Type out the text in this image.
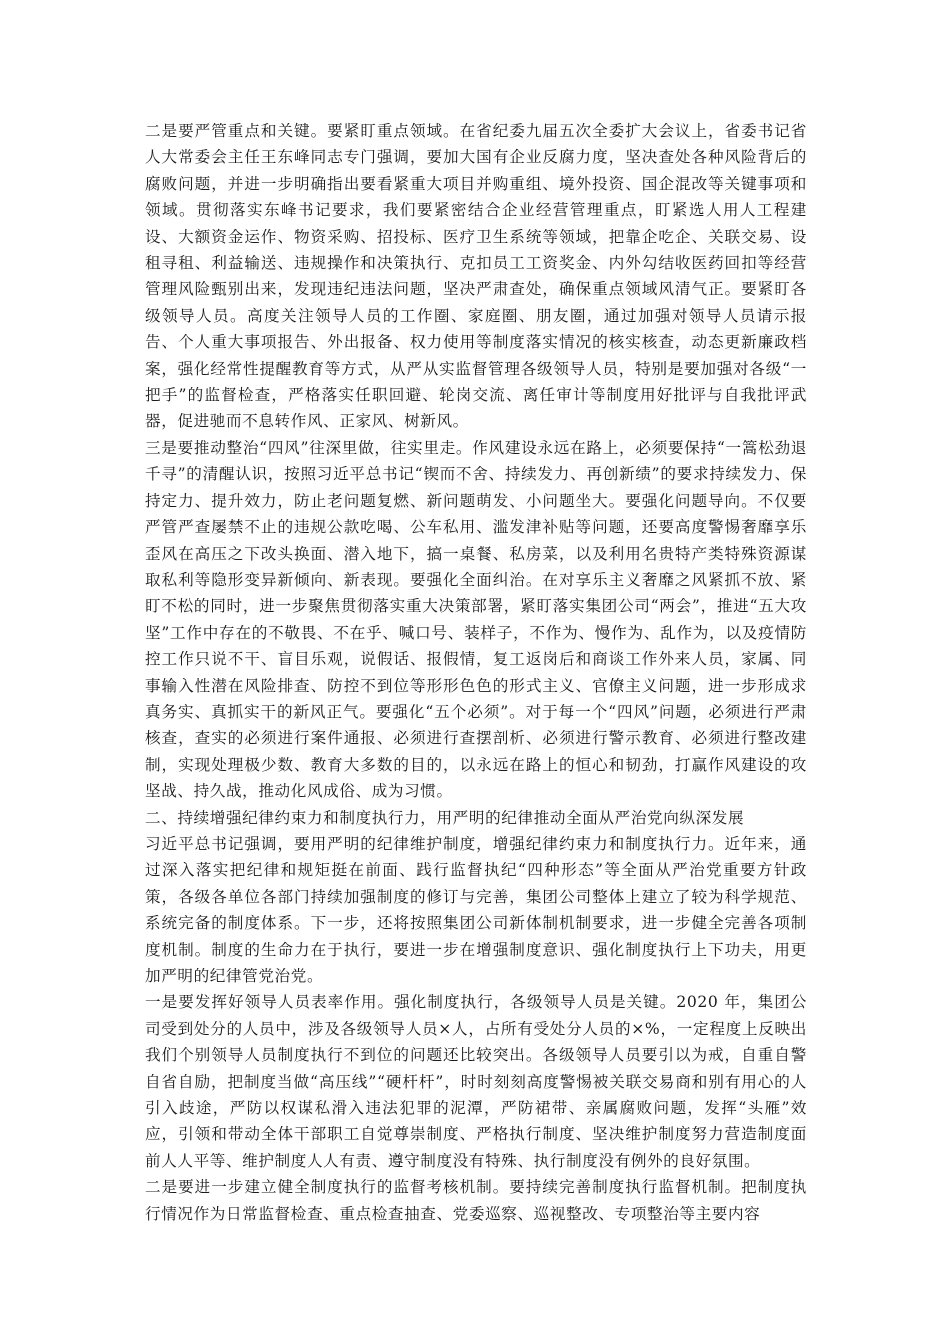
二是要严管重点和关键。要紧盯重点领域。在省纪委九届五次全委扩大会议上，省委书记省人大常委会主任王东峰同志专门强调，要加大国有企业反腐力度，坚决查处各种风险背后的腐败问题，并进一步明确指出要看紧重大项目并购重组、境外投资、国企混改等关键事项和领域。贯彻落实东峰书记要求，我们要紧密结合企业经营管理重点，盯紧选人用人工程建设、大额资金运作、物资采购、招投标、医疗卫生系统等领域，把靠企吃企、关联交易、设租寻租、利益输送、违规操作和决策执行、克扣员工工资奖金、内外勾结收医药回扣等经营管理风险甄别出来，发现违纪违法问题，坚决严肃查处，确保重点领域风清气正。要紧盯各级领导人员。高度关注领导人员的工作圈、家庭圈、朋友圈，通过加强对领导人员请示报告、个人重大事项报告、外出报备、权力使用等制度落实情况的核实核查，动态更新廉政档案，强化经常性提醒教育等方式，从严从实监督管理各级领导人员，特别是要加强对各级“一把手”的监督检查，严格落实任职回避、轮岗交流、离任审计等制度用好批评与自我批评武器，促进驰而不息转作风、正家风、树新风。

三是要推动整治“四风”往深里做，往实里走。作风建设永远在路上，必须要保持“一篙松劲退千寻”的清醒认识，按照习近平总书记“锲而不舍、持续发力、再创新绩”的要求持续发力、保持定力、提升效力，防止老问题复燃、新问题萌发、小问题坐大。要强化问题导向。不仅要严管严查屡禁不止的违规公款吃喝、公车私用、滥发津补贴等问题，还要高度警惕奢靡享乐歪风在高压之下改头换面、潜入地下，搞一桌餐、私房菜，以及利用名贵特产类特殊资源谋取私利等隐形变异新倾向、新表现。要强化全面纠治。在对享乐主义奢靡之风紧抓不放、紧盯不松的同时，进一步聚焦贯彻落实重大决策部署，紧盯落实集团公司“两会”，推进“五大攻坚”工作中存在的不敬畏、不在乎、喊口号、装样子，不作为、慢作为、乱作为，以及疫情防控工作只说不干、盲目乐观，说假话、报假情，复工返岗后和商谈工作外来人员，家属、同事输入性潜在风险排查、防控不到位等形形色色的形式主义、官僚主义问题，进一步形成求真务实、真抓实干的新风正气。要强化“五个必须”。对于每一个“四风”问题，必须进行严肃核查，查实的必须进行案件通报、必须进行查摆剖析、必须进行警示教育、必须进行整改建制，实现处理极少数、教育大多数的目的，以永远在路上的恒心和韧劲，打赢作风建设的攻坚战、持久战，推动化风成俗、成为习惯。

二、持续增强纪律约束力和制度执行力，用严明的纪律推动全面从严治党向纵深发展

习近平总书记强调，要用严明的纪律维护制度，增强纪律约束力和制度执行力。近年来，通过深入落实把纪律和规矩挺在前面、践行监督执纪“四种形态”等全面从严治党重要方针政策，各级各单位各部门持续加强制度的修订与完善，集团公司整体上建立了较为科学规范、系统完备的制度体系。下一步，还将按照集团公司新体制机制要求，进一步健全完善各项制度机制。制度的生命力在于执行，要进一步在增强制度意识、强化制度执行上下功夫，用更加严明的纪律管党治党。

一是要发挥好领导人员表率作用。强化制度执行，各级领导人员是关键。2020 年，集团公司受到处分的人员中，涉及各级领导人员×人，占所有受处分人员的×%，一定程度上反映出我们个别领导人员制度执行不到位的问题还比较突出。各级领导人员要引以为戒，自重自警自省自励，把制度当做“高压线”“硬杆杆”，时时刻刻高度警惕被关联交易商和别有用心的人引入歧途，严防以权谋私滑入违法犯罪的泥潭，严防裙带、亲属腐败问题，发挥“头雁”效应，引领和带动全体干部职工自觉尊崇制度、严格执行制度、坚决维护制度努力营造制度面前人人平等、维护制度人人有责、遵守制度没有特殊、执行制度没有例外的良好氛围。

二是要进一步建立健全制度执行的监督考核机制。要持续完善制度执行监督机制。把制度执行情况作为日常监督检查、重点检查抽查、党委巡察、巡视整改、专项整治等主要内容
